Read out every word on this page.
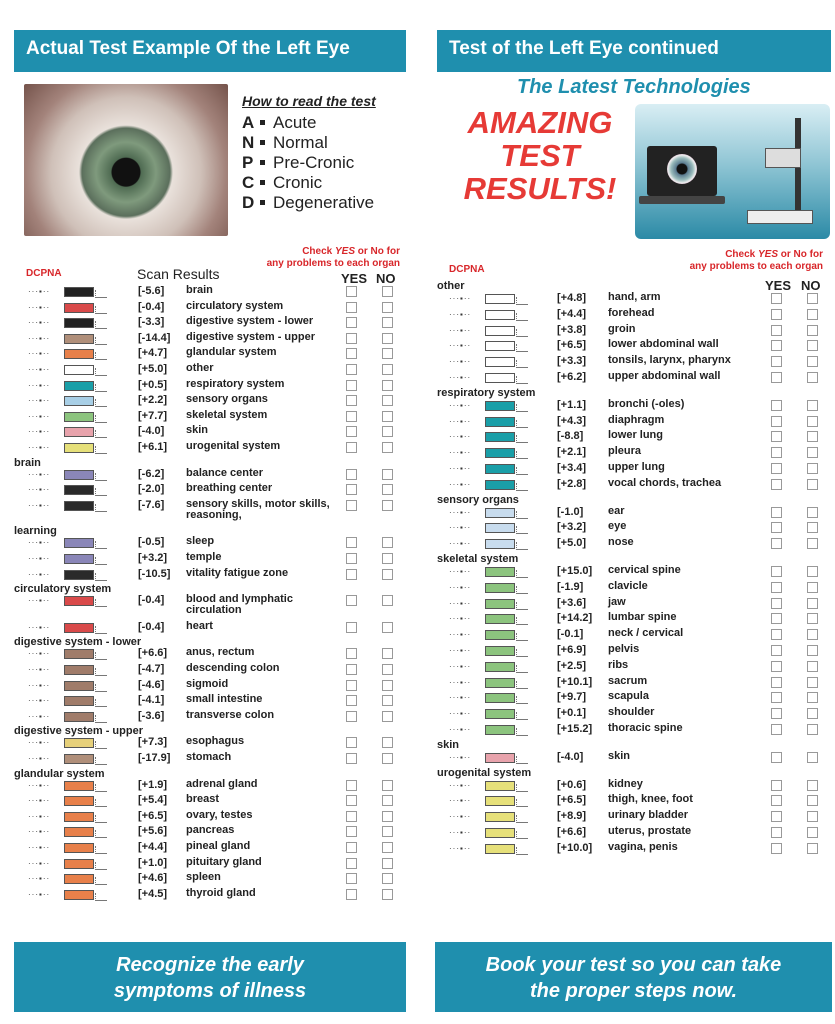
Actual Test Example Of the Left Eye
How to read the test
A Acute
N Normal
P Pre-Cronic
C Cronic
D Degenerative
Check YES or No for
any problems to each organ
DCPNA	Scan Results	YES NO
···▪··	[-5.6] brain
···▪··	[-0.4] circulatory system
···▪··	[-3.3] digestive system - lower
···▪··	[-14.4] digestive system - upper
···▪··	[+4.7] glandular system
···▪··	[+5.0] other
···▪··	[+0.5] respiratory system
···▪··	[+2.2] sensory organs
···▪··	[+7.7] skeletal system
···▪··	[-4.0] skin
···▪··	[+6.1] urogenital system
brain
···▪··	[-6.2] balance center
···▪··	[-2.0] breathing center
···▪··	[-7.6] sensory skills, motor skills, reasoning,
learning
···▪··	[-0.5] sleep
···▪··	[+3.2] temple
···▪··	[-10.5] vitality fatigue zone
circulatory system
···▪··	[-0.4] blood and lymphatic circulation
···▪··	[-0.4] heart
digestive system - lower
···▪··	[+6.6] anus, rectum
···▪··	[-4.7] descending colon
···▪··	[-4.6] sigmoid
···▪··	[-4.1] small intestine
···▪··	[-3.6] transverse colon
digestive system - upper
···▪··	[+7.3] esophagus
···▪··	[-17.9] stomach
glandular system
···▪··	[+1.9] adrenal gland
···▪··	[+5.4] breast
···▪··	[+6.5] ovary, testes
···▪··	[+5.6] pancreas
···▪··	[+4.4] pineal gland
···▪··	[+1.0] pituitary gland
···▪··	[+4.6] spleen
···▪··	[+4.5] thyroid gland
Recognize the early
symptoms of illness
Test of the Left Eye continued
The Latest Technologies
AMAZING
TEST
RESULTS!
Check YES or No for
any problems to each organ
DCPNA
YES NO
other
···▪··	[+4.8] hand, arm
···▪··	[+4.4] forehead
···▪··	[+3.8] groin
···▪··	[+6.5] lower abdominal wall
···▪··	[+3.3] tonsils, larynx, pharynx
···▪··	[+6.2] upper abdominal wall
respiratory system
···▪··	[+1.1] bronchi (-oles)
···▪··	[+4.3] diaphragm
···▪··	[-8.8] lower lung
···▪··	[+2.1] pleura
···▪··	[+3.4] upper lung
···▪··	[+2.8] vocal chords, trachea
sensory organs
···▪··	[-1.0] ear
···▪··	[+3.2] eye
···▪··	[+5.0] nose
skeletal system
···▪··	[+15.0] cervical spine
···▪··	[-1.9] clavicle
···▪··	[+3.6] jaw
···▪··	[+14.2] lumbar spine
···▪··	[-0.1] neck / cervical
···▪··	[+6.9] pelvis
···▪··	[+2.5] ribs
···▪··	[+10.1] sacrum
···▪··	[+9.7] scapula
···▪··	[+0.1] shoulder
···▪··	[+15.2] thoracic spine
skin
···▪··	[-4.0] skin
urogenital system
···▪··	[+0.6] kidney
···▪··	[+6.5] thigh, knee, foot
···▪··	[+8.9] urinary bladder
···▪··	[+6.6] uterus, prostate
···▪··	[+10.0] vagina, penis
Book your test so you can take
the proper steps now.
